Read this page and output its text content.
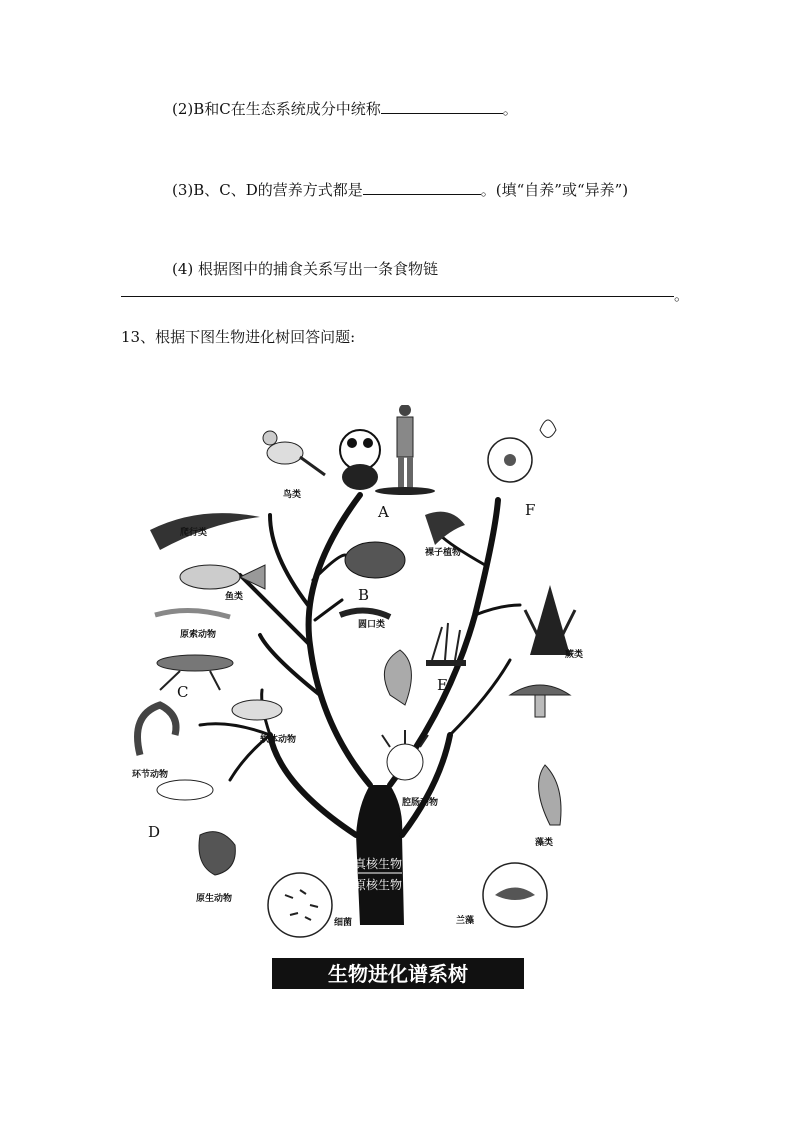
(2)B和C在生态系统成分中统称	。
(3)B、C、D的营养方式都是	。(填“自养”或“异养”)
(4) 根据图中的捕食关系写出一条食物链
。
13、根据下图生物进化树回答问题:
真核生物
原核生物
A
B
C
D
E
F
鸟类
爬行类
裸子植物
鱼类
原索动物
圆口类
蕨类
软体动物
环节动物
腔肠动物
藻类
原生动物
细菌	兰藻
生物进化谱系树
